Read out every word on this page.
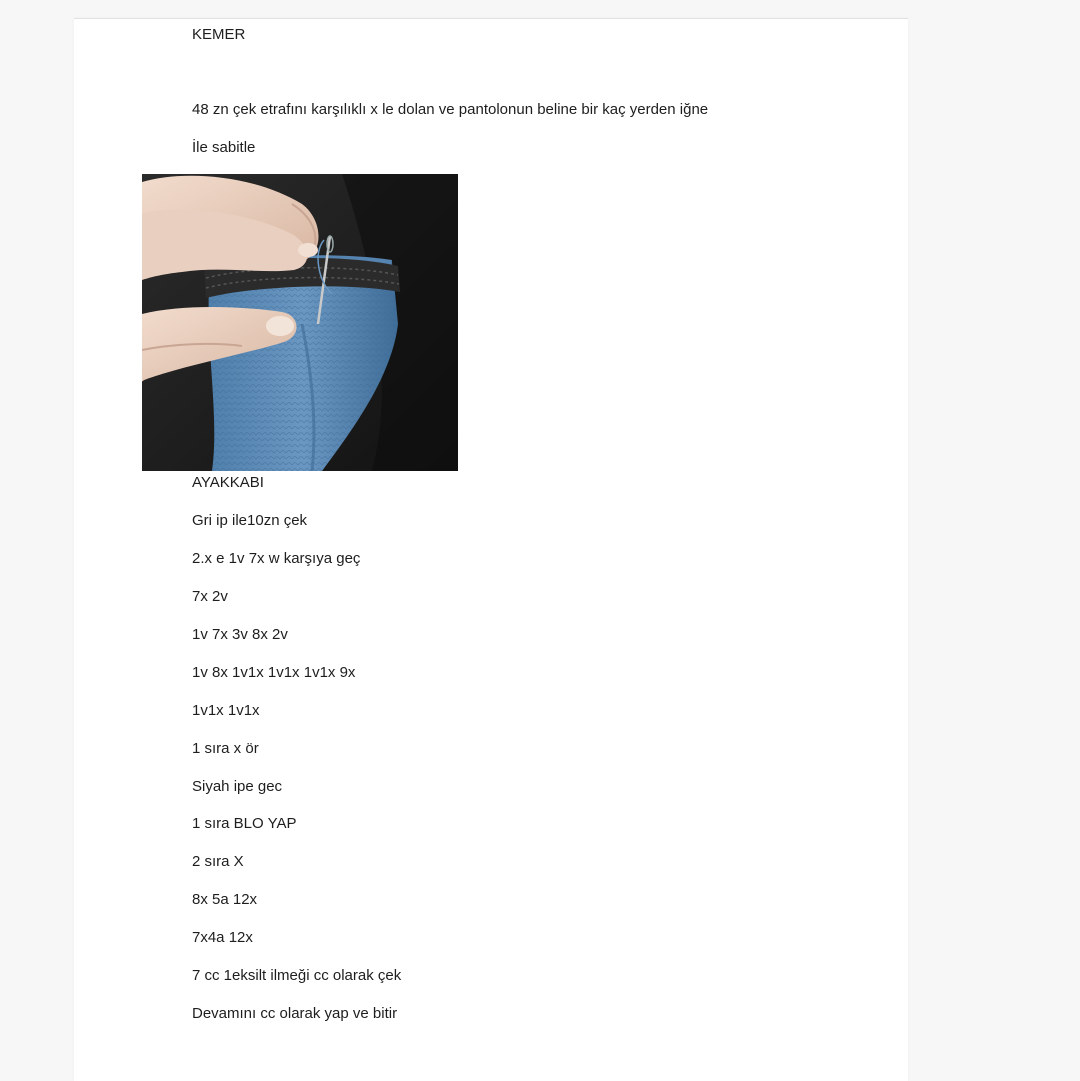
KEMER
48 zn çek etrafını karşılıklı x le dolan ve pantolonun beline bir kaç yerden iğne
İle sabitle
AYAKKABI
Gri ip ile10zn çek
2.x e 1v 7x w karşıya geç
7x 2v
1v 7x 3v 8x 2v
1v 8x 1v1x 1v1x 1v1x 9x
1v1x 1v1x
1 sıra x ör
Siyah ipe gec
1 sıra BLO YAP
2 sıra X
8x 5a 12x
7x4a 12x
7 cc 1eksilt ilmeği cc olarak çek
Devamını cc olarak yap ve bitir
